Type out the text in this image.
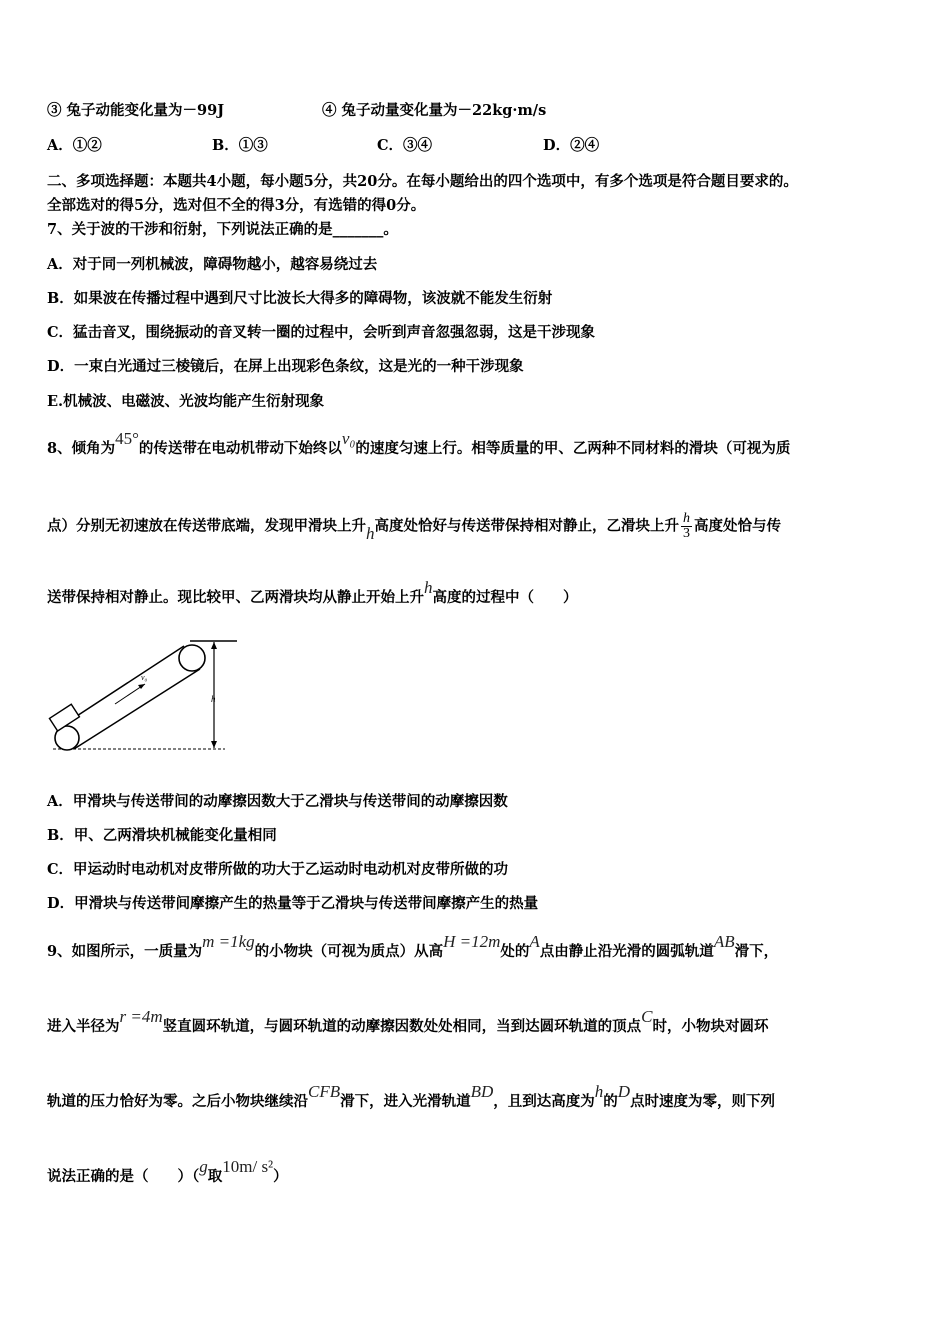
③ 兔子动能变化量为－99J	④ 兔子动量变化量为－22kg·m/s
A．①②	B．①③	C．③④	D．②④
二、多项选择题：本题共4小题，每小题5分，共20分。在每小题给出的四个选项中，有多个选项是符合题目要求的。
全部选对的得5分，选对但不全的得3分，有选错的得0分。
7、关于波的干涉和衍射，下列说法正确的是_______。
A．对于同一列机械波，障碍物越小，越容易绕过去
B．如果波在传播过程中遇到尺寸比波长大得多的障碍物，该波就不能发生衍射
C．猛击音叉，围绕振动的音叉转一圈的过程中，会听到声音忽强忽弱，这是干涉现象
D．一束白光通过三棱镜后，在屏上出现彩色条纹，这是光的一种干涉现象
E.机械波、电磁波、光波均能产生衍射现象
8、倾角为45°的传送带在电动机带动下始终以v₀的速度匀速上行。相等质量的甲、乙两种不同材料的滑块（可视为质
点）分别无初速放在传送带底端，发现甲滑块上升h高度处恰好与传送带保持相对静止，乙滑块上升 $\frac{h}{3}$ 高度处恰与传
送带保持相对静止。现比较甲、乙两滑块均从静止开始上升h高度的过程中（　　）
v₀
h
A．甲滑块与传送带间的动摩擦因数大于乙滑块与传送带间的动摩擦因数
B．甲、乙两滑块机械能变化量相同
C．甲运动时电动机对皮带所做的功大于乙运动时电动机对皮带所做的功
D．甲滑块与传送带间摩擦产生的热量等于乙滑块与传送带间摩擦产生的热量
9、如图所示，一质量为m =1kg的小物块（可视为质点）从高H =12m处的A点由静止沿光滑的圆弧轨道AB滑下，
进入半径为r =4m竖直圆环轨道，与圆环轨道的动摩擦因数处处相同，当到达圆环轨道的顶点C时，小物块对圆环
轨道的压力恰好为零。之后小物块继续沿CFB滑下，进入光滑轨道BD，且到达高度为h的D点时速度为零，则下列
说法正确的是（　　）（g取10m/ s²）
